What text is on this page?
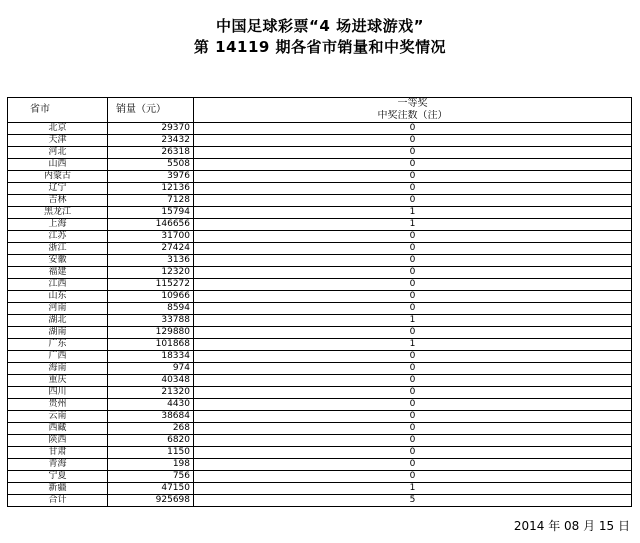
中国足球彩票“4 场进球游戏”
第 14119 期各省市销量和中奖情况
省市	销量（元）	一等奖
		中奖注数（注）
北京	29370	0
天津	23432	0
河北	26318	0
山西	5508	0
内蒙古	3976	0
辽宁	12136	0
吉林	7128	0
黑龙江	15794	1
上海	146656	1
江苏	31700	0
浙江	27424	0
安徽	3136	0
福建	12320	0
江西	115272	0
山东	10966	0
河南	8594	0
湖北	33788	1
湖南	129880	0
广东	101868	1
广西	18334	0
海南	974	0
重庆	40348	0
四川	21320	0
贵州	4430	0
云南	38684	0
西藏	268	0
陕西	6820	0
甘肃	1150	0
青海	198	0
宁夏	756	0
新疆	47150	1
合计	925698	5
2014 年 08 月 15 日
